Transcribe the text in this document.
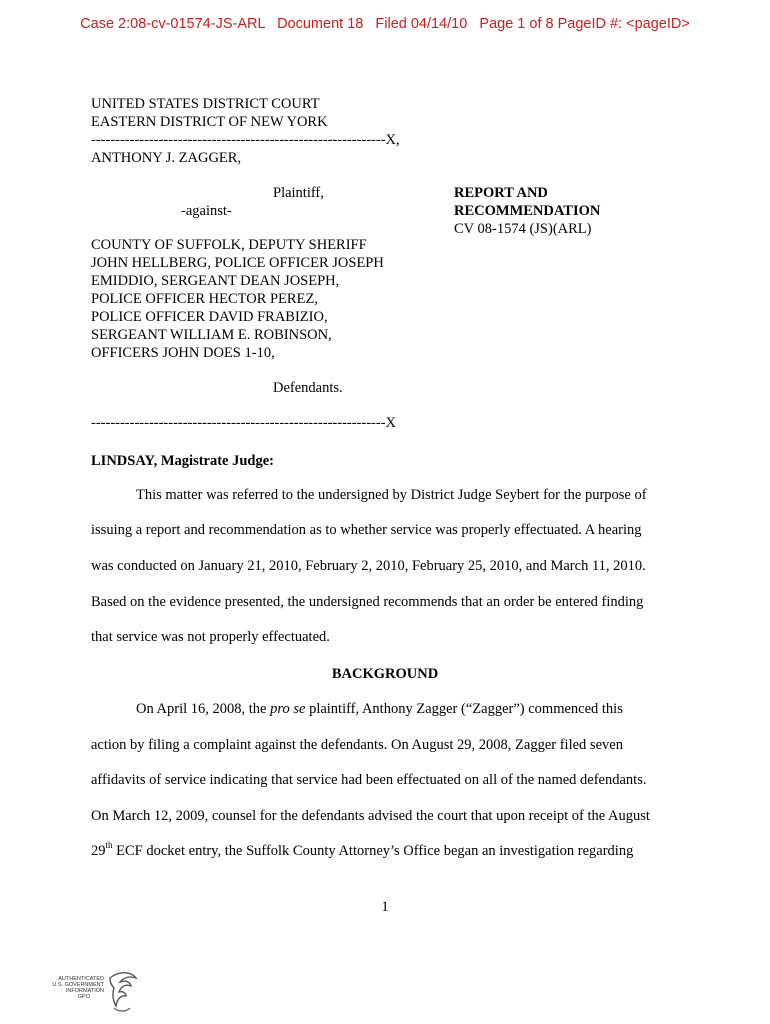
Case 2:08-cv-01574-JS-ARL   Document 18   Filed 04/14/10   Page 1 of 8 PageID #: <pageID>
UNITED STATES DISTRICT COURT
EASTERN DISTRICT OF NEW YORK
-------------------------------------------------------------X,
ANTHONY J. ZAGGER,
Plaintiff,
-against-
REPORT AND
RECOMMENDATION
CV 08-1574 (JS)(ARL)
COUNTY OF SUFFOLK, DEPUTY SHERIFF
JOHN HELLBERG, POLICE OFFICER JOSEPH
EMIDDIO, SERGEANT DEAN JOSEPH,
POLICE OFFICER HECTOR PEREZ,
POLICE OFFICER DAVID FRABIZIO,
SERGEANT WILLIAM E. ROBINSON,
OFFICERS JOHN DOES 1-10,
Defendants.
-------------------------------------------------------------X
LINDSAY, Magistrate Judge:
This matter was referred to the undersigned by District Judge Seybert for the purpose of
issuing a report and recommendation as to whether service was properly effectuated. A hearing
was conducted on January 21, 2010, February 2, 2010, February 25, 2010, and March 11, 2010.
Based on the evidence presented, the undersigned recommends that an order be entered finding
that service was not properly effectuated.
BACKGROUND
On April 16, 2008, the pro se plaintiff, Anthony Zagger (“Zagger”) commenced this
action by filing a complaint against the defendants. On August 29, 2008, Zagger filed seven
affidavits of service indicating that service had been effectuated on all of the named defendants.
On March 12, 2009, counsel for the defendants advised the court that upon receipt of the August
29th ECF docket entry, the Suffolk County Attorney’s Office began an investigation regarding
1
AUTHENTICATED
U.S. GOVERNMENT
INFORMATION
GPO
